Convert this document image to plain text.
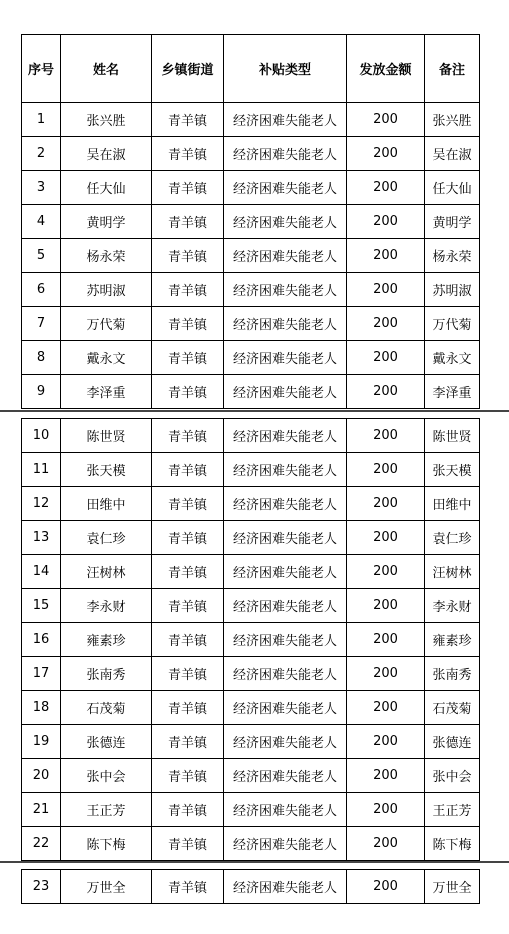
序号	姓名	乡镇街道	补贴类型	发放金额	备注
1	张兴胜	青羊镇	经济困难失能老人	200	张兴胜
2	吴在淑	青羊镇	经济困难失能老人	200	吴在淑
3	任大仙	青羊镇	经济困难失能老人	200	任大仙
4	黄明学	青羊镇	经济困难失能老人	200	黄明学
5	杨永荣	青羊镇	经济困难失能老人	200	杨永荣
6	苏明淑	青羊镇	经济困难失能老人	200	苏明淑
7	万代菊	青羊镇	经济困难失能老人	200	万代菊
8	戴永文	青羊镇	经济困难失能老人	200	戴永文
9	李泽重	青羊镇	经济困难失能老人	200	李泽重
10	陈世贤	青羊镇	经济困难失能老人	200	陈世贤
11	张天模	青羊镇	经济困难失能老人	200	张天模
12	田维中	青羊镇	经济困难失能老人	200	田维中
13	袁仁珍	青羊镇	经济困难失能老人	200	袁仁珍
14	汪树林	青羊镇	经济困难失能老人	200	汪树林
15	李永财	青羊镇	经济困难失能老人	200	李永财
16	雍素珍	青羊镇	经济困难失能老人	200	雍素珍
17	张南秀	青羊镇	经济困难失能老人	200	张南秀
18	石茂菊	青羊镇	经济困难失能老人	200	石茂菊
19	张德连	青羊镇	经济困难失能老人	200	张德连
20	张中会	青羊镇	经济困难失能老人	200	张中会
21	王正芳	青羊镇	经济困难失能老人	200	王正芳
22	陈下梅	青羊镇	经济困难失能老人	200	陈下梅
23	万世全	青羊镇	经济困难失能老人	200	万世全
